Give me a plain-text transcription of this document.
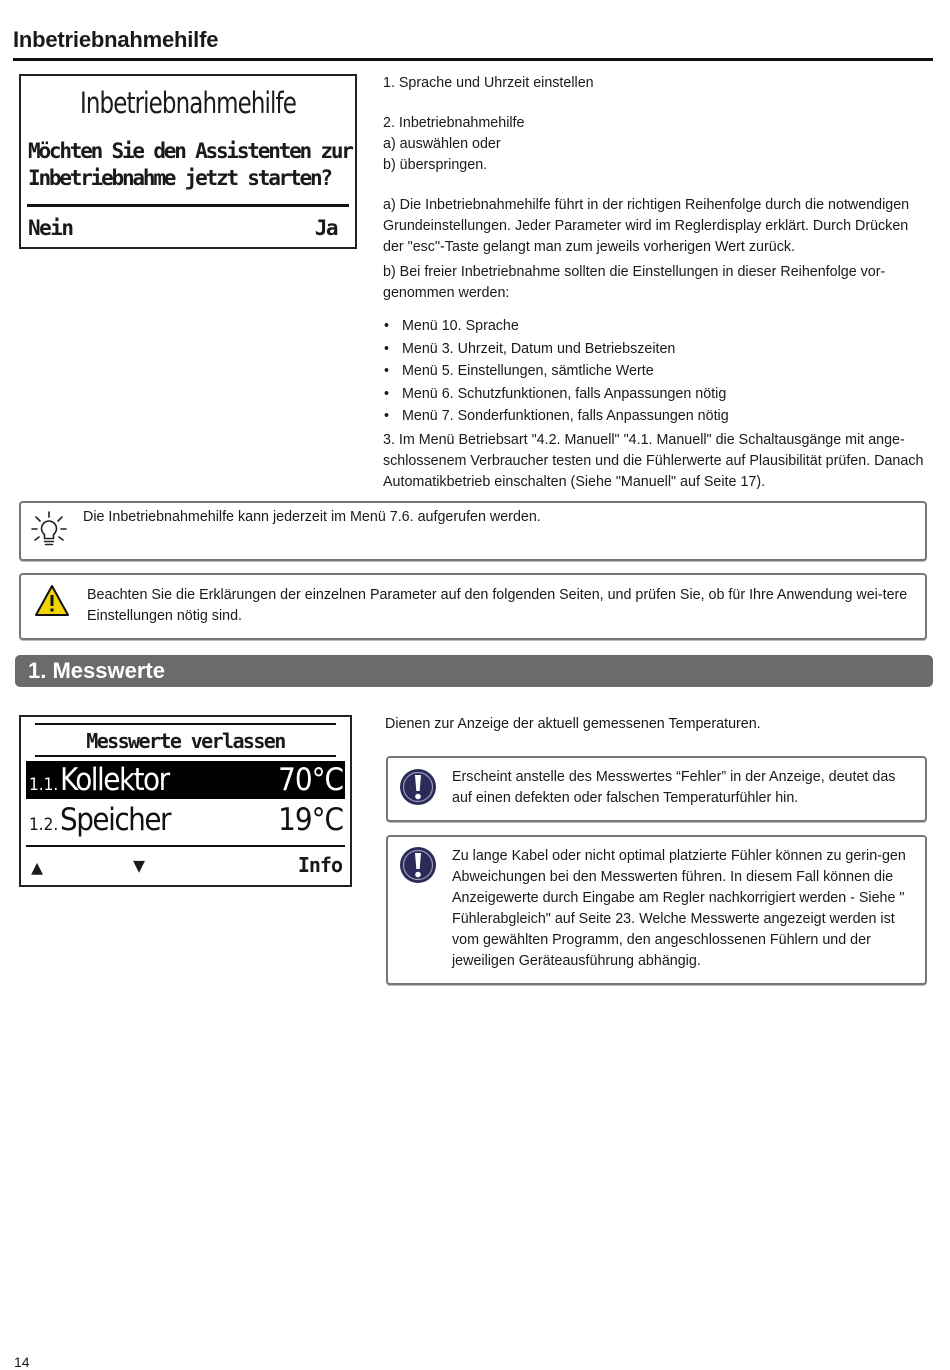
Inbetriebnahmehilfe
Inbetriebnahmehilfe
Möchten Sie den Assistenten zur
Inbetriebnahme jetzt starten?
Nein	Ja

1. Sprache und Uhrzeit einstellen

2. Inbetriebnahmehilfe

a) auswählen oder

b) überspringen.

a) Die Inbetriebnahmehilfe führt in der richtigen Reihenfolge durch die notwendigen Grundeinstellungen. Jeder Parameter wird im Reglerdisplay erklärt. Durch Drücken der "esc"-Taste gelangt man zum jeweils vorherigen Wert zurück.

b) Bei freier Inbetriebnahme sollten die Einstellungen in dieser Reihenfolge vor-genommen werden:

• Menü 10. Sprache
• Menü 3. Uhrzeit, Datum und Betriebszeiten
• Menü 5. Einstellungen, sämtliche Werte
• Menü 6. Schutzfunktionen, falls Anpassungen nötig
• Menü 7. Sonderfunktionen, falls Anpassungen nötig

3. Im Menü Betriebsart "4.2. Manuell" "4.1. Manuell" die Schaltausgänge mit ange-schlossenem Verbraucher testen und die Fühlerwerte auf Plausibilität prüfen. Danach Automatikbetrieb einschalten (Siehe "Manuell" auf Seite 17).

Die Inbetriebnahmehilfe kann jederzeit im Menü 7.6. aufgerufen werden.
Beachten Sie die Erklärungen der einzelnen Parameter auf den folgenden Seiten, und prüfen Sie, ob für Ihre Anwendung wei-tere Einstellungen nötig sind.
1. Messwerte
Messwerte verlassen
1.1. Kollektor	70°C
1.2. Speicher	19°C
▲	▼	Info
Dienen zur Anzeige der aktuell gemessenen Temperaturen.
Erscheint anstelle des Messwertes “Fehler” in der Anzeige, deutet das auf einen defekten oder falschen Temperaturfühler hin.
Zu lange Kabel oder nicht optimal platzierte Fühler können zu gerin-gen Abweichungen bei den Messwerten führen. In diesem Fall können die Anzeigewerte durch Eingabe am Regler nachkorrigiert werden - Siehe " Fühlerabgleich" auf Seite 23. Welche Messwerte angezeigt werden ist vom gewählten Programm, den angeschlossenen Fühlern und der jeweiligen Geräteausführung abhängig.
14
